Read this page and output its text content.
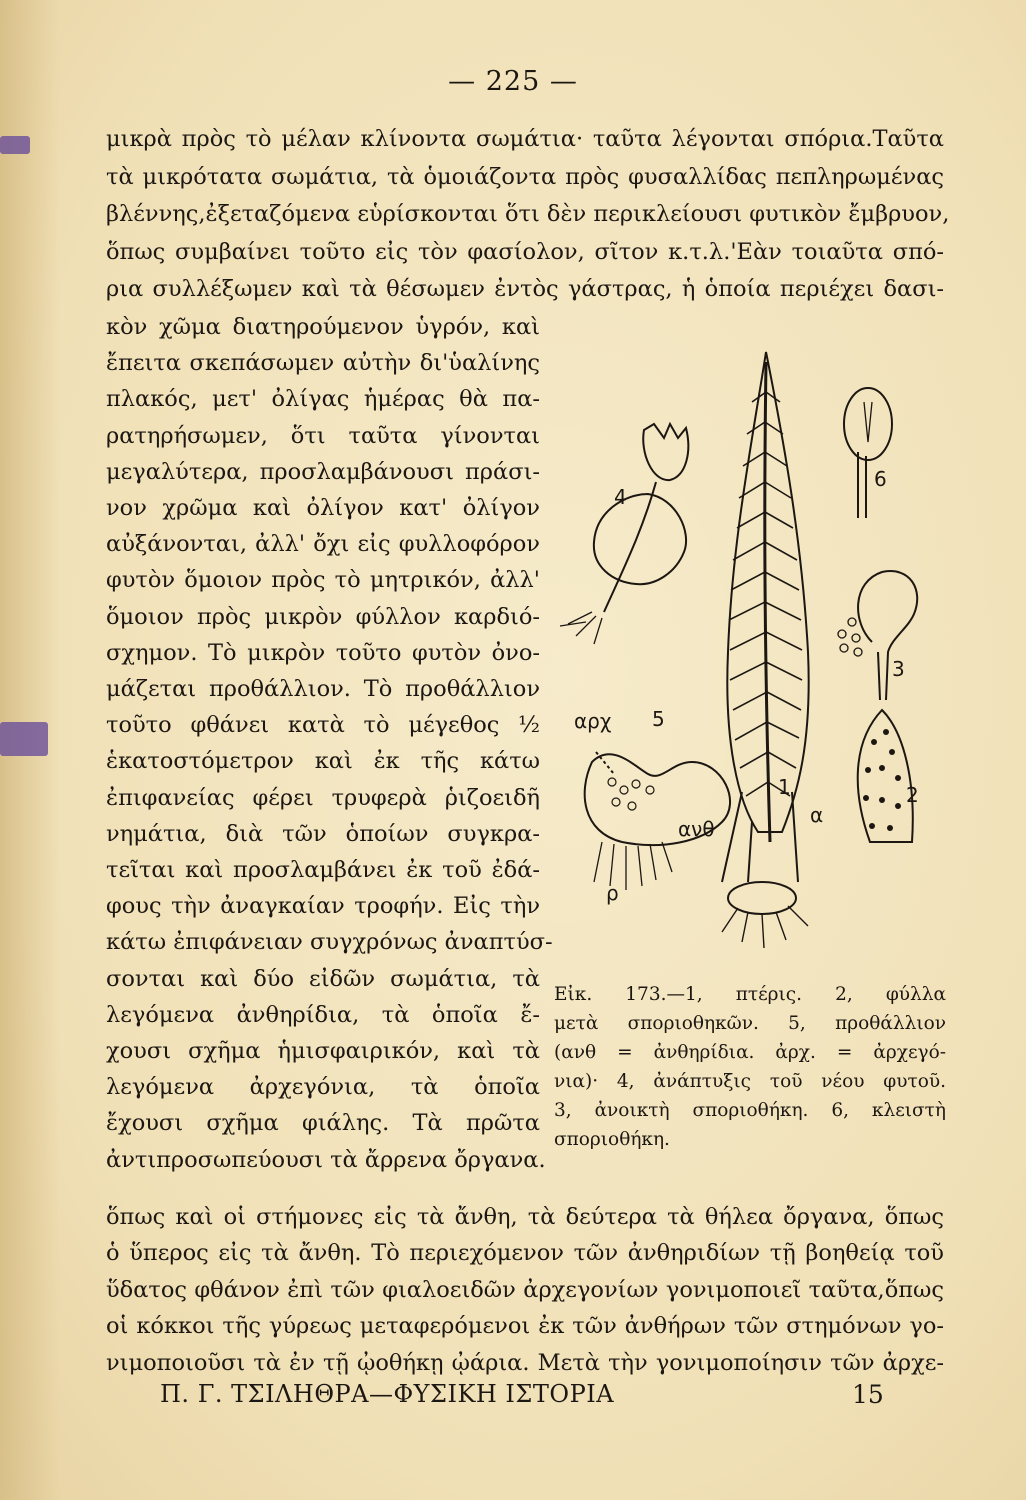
— 225 —
μικρὰ πρὸς τὸ μέλαν κλίνοντα σωμάτια· ταῦτα λέγονται σπόρια.Ταῦτα
τὰ μικρότατα σωμάτια, τὰ ὁμοιάζοντα πρὸς φυσαλλίδας πεπληρωμένας
βλέννης,ἐξεταζόμενα εὑρίσκονται ὅτι δὲν περικλείουσι φυτικὸν ἔμβρυον,
ὅπως συμβαίνει τοῦτο εἰς τὸν φασίολον, σῖτον κ.τ.λ.'Εὰν τοιαῦτα σπό-
ρια συλλέξωμεν καὶ τὰ θέσωμεν ἐντὸς γάστρας, ἡ ὁποία περιέχει δασι-
κὸν χῶμα διατηρούμενον ὑγρόν, καὶ
ἔπειτα σκεπάσωμεν αὐτὴν δι'ὑαλίνης
πλακός, μετ' ὀλίγας ἡμέρας θὰ πα-
ρατηρήσωμεν, ὅτι ταῦτα γίνονται
μεγαλύτερα, προσλαμβάνουσι πράσι-
νον χρῶμα καὶ ὀλίγον κατ' ὀλίγον
αὐξάνονται, ἀλλ' ὄχι εἰς φυλλοφόρον
φυτὸν ὅμοιον πρὸς τὸ μητρικόν, ἀλλ'
ὅμοιον πρὸς μικρὸν φύλλον καρδιό-
σχημον. Τὸ μικρὸν τοῦτο φυτὸν ὀνο-
μάζεται προθάλλιον. Τὸ προθάλλιον
τοῦτο φθάνει κατὰ τὸ μέγεθος ½
ἑκατοστόμετρον καὶ ἐκ τῆς κάτω
ἐπιφανείας φέρει τρυφερὰ ῥιζοειδῆ
νημάτια, διὰ τῶν ὁποίων συγκρα-
τεῖται καὶ προσλαμβάνει ἐκ τοῦ ἐδά-
φους τὴν ἀναγκαίαν τροφήν. Εἰς τὴν
κάτω ἐπιφάνειαν συγχρόνως ἀναπτύσ-
σονται καὶ δύο εἰδῶν σωμάτια, τὰ
λεγόμενα ἀνθηρίδια, τὰ ὁποῖα ἔ-
χουσι σχῆμα ἡμισφαιρικόν, καὶ τὰ
λεγόμενα ἀρχεγόνια, τὰ ὁποῖα
ἔχουσι σχῆμα φιάλης. Τὰ πρῶτα
ἀντιπροσωπεύουσι τὰ ἄρρενα ὄργανα.
ὅπως καὶ οἱ στήμονες εἰς τὰ ἄνθη, τὰ δεύτερα τὰ θήλεα ὄργανα, ὅπως
ὁ ὕπερος εἰς τὰ ἄνθη. Τὸ περιεχόμενον τῶν ἀνθηριδίων τῇ βοηθείᾳ τοῦ
ὕδατος φθάνον ἐπὶ τῶν φιαλοειδῶν ἀρχεγονίων γονιμοποιεῖ ταῦτα,ὅπως
οἱ κόκκοι τῆς γύρεως μεταφερόμενοι ἐκ τῶν ἀνθήρων τῶν στημόνων γο-
νιμοποιοῦσι τὰ ἐν τῇ ᾠοθήκῃ ᾠάρια. Μετὰ τὴν γονιμοποίησιν τῶν ἀρχε-
1	2
3
4
5
6
α
αρχ
ανθ
ρ
Εἰκ. 173.—1, πτέρις. 2, φύλλα
μετὰ σποριοθηκῶν. 5, προθάλλιον
(ανθ = ἀνθηρίδια. ἀρχ. = ἀρχεγό-
νια)· 4, ἀνάπτυξις τοῦ νέου φυτοῦ.
3, ἀνοικτὴ σποριοθήκη. 6, κλειστὴ
σποριοθήκη.
Π. Γ. ΤΣΙΛΗΘΡΑ—ΦΥΣΙΚΗ ΙΣΤΟΡΙΑ	15
